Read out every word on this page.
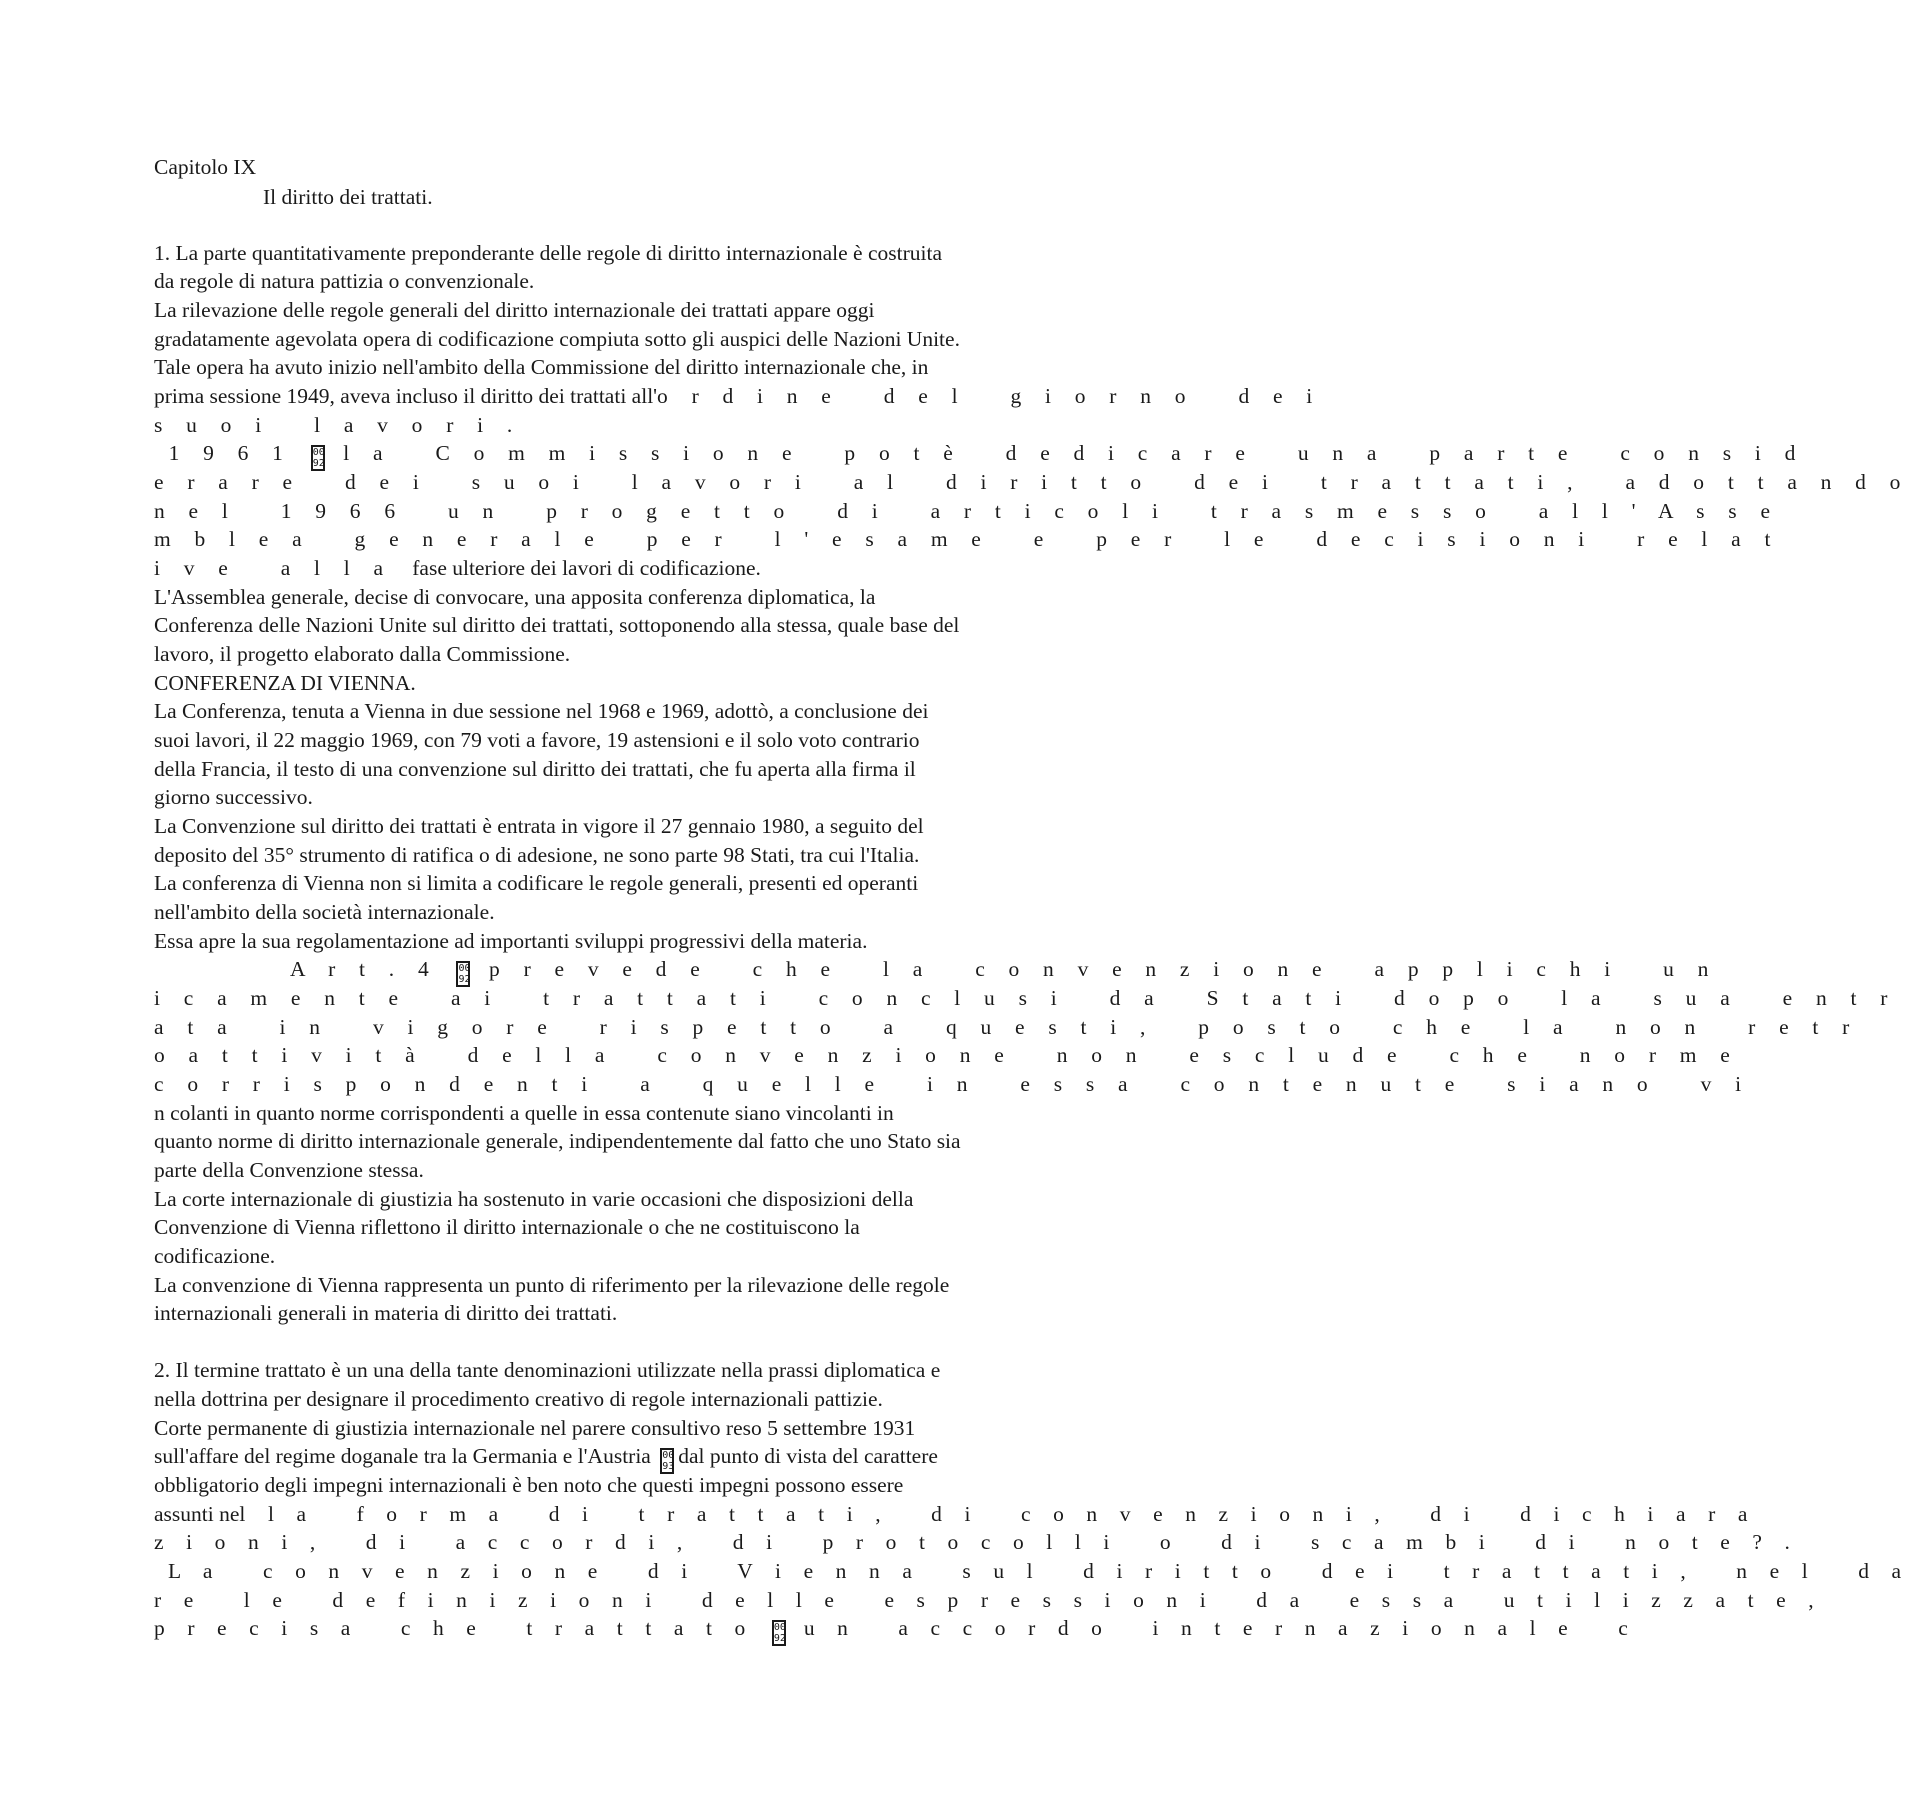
Capitolo IX
Il diritto dei trattati.
1. La parte quantitativamente preponderante delle regole di diritto internazionale è costruita
da regole di natura pattizia o convenzionale.
La rilevazione delle regole generali del diritto internazionale dei trattati appare oggi
gradatamente agevolata opera di codificazione compiuta sotto gli auspici delle Nazioni Unite.
Tale opera ha avuto inizio nell'ambito della Commissione del diritto internazionale che, in
prima sessione 1949, aveva incluso il diritto dei trattati all'o r d i n e   d e l   g i o r n o   d e i
s u o i   l a v o r i .
1 9 6 1 00
92 l a   C o m m i s s i o n e   p o t è   d e d i c a r e   u n a   p a r t e   c o n s i d
e r a r e   d e i   s u o i   l a v o r i   a l   d i r i t t o   d e i   t r a t t a t i ,   a d o t t a n d o
n e l   1 9 6 6   u n   p r o g e t t o   d i   a r t i c o l i   t r a s m e s s o   a l l ' A s s e
m b l e a   g e n e r a l e   p e r   l ' e s a m e   e   p e r   l e   d e c i s i o n i   r e l a t
i v e   a l l a  fase ulteriore dei lavori di codificazione.
L'Assemblea generale, decise di convocare, una apposita conferenza diplomatica, la
Conferenza delle Nazioni Unite sul diritto dei trattati, sottoponendo alla stessa, quale base del
lavoro, il progetto elaborato dalla Commissione.
CONFERENZA DI VIENNA.
La Conferenza, tenuta a Vienna in due sessione nel 1968 e 1969, adottò, a conclusione dei
suoi lavori, il 22 maggio 1969, con 79 voti a favore, 19 astensioni e il solo voto contrario
della Francia, il testo di una convenzione sul diritto dei trattati, che fu aperta alla firma il
giorno successivo.
La Convenzione sul diritto dei trattati è entrata in vigore il 27 gennaio 1980, a seguito del
deposito del 35° strumento di ratifica o di adesione, ne sono parte 98 Stati, tra cui l'Italia.
La conferenza di Vienna non si limita a codificare le regole generali, presenti ed operanti
nell'ambito della società internazionale.
Essa apre la sua regolamentazione ad importanti sviluppi progressivi della materia.
A r t . 4 00
92 p r e v e d e   c h e   l a   c o n v e n z i o n e   a p p l i c h i   u n
i c a m e n t e   a i   t r a t t a t i   c o n c l u s i   d a   S t a t i   d o p o   l a   s u a   e n t r
a t a   i n   v i g o r e   r i s p e t t o   a   q u e s t i ,   p o s t o   c h e   l a   n o n   r e t r
o a t t i v i t à   d e l l a   c o n v e n z i o n e   n o n   e s c l u d e   c h e   n o r m e
c o r r i s p o n d e n t i   a   q u e l l e   i n   e s s a   c o n t e n u t e   s i a n o   v i
n colanti in quanto norme corrispondenti a quelle in essa contenute siano vincolanti in
quanto norme di diritto internazionale generale, indipendentemente dal fatto che uno Stato sia
parte della Convenzione stessa.
La corte internazionale di giustizia ha sostenuto in varie occasioni che disposizioni della
Convenzione di Vienna riflettono il diritto internazionale o che ne costituiscono la
codificazione.
La convenzione di Vienna rappresenta un punto di riferimento per la rilevazione delle regole
internazionali generali in materia di diritto dei trattati.
2. Il termine trattato è un una della tante denominazioni utilizzate nella prassi diplomatica e
nella dottrina per designare il procedimento creativo di regole internazionali pattizie.
Corte permanente di giustizia internazionale nel parere consultivo reso 5 settembre 1931
sull'affare del regime doganale tra la Germania e l'Austria 00
93 dal punto di vista del carattere
obbligatorio degli impegni internazionali è ben noto che questi impegni possono essere
assunti nel l a   f o r m a   d i   t r a t t a t i ,   d i   c o n v e n z i o n i ,   d i   d i c h i a r a
z i o n i ,   d i   a c c o r d i ,   d i   p r o t o c o l l i   o   d i   s c a m b i   d i   n o t e ? .
L a   c o n v e n z i o n e   d i   V i e n n a   s u l   d i r i t t o   d e i   t r a t t a t i ,   n e l   d a
r e   l e   d e f i n i z i o n i   d e l l e   e s p r e s s i o n i   d a   e s s a   u t i l i z z a t e ,
p r e c i s a   c h e   t r a t t a t o 00
92 u n   a c c o r d o   i n t e r n a z i o n a l e   c
